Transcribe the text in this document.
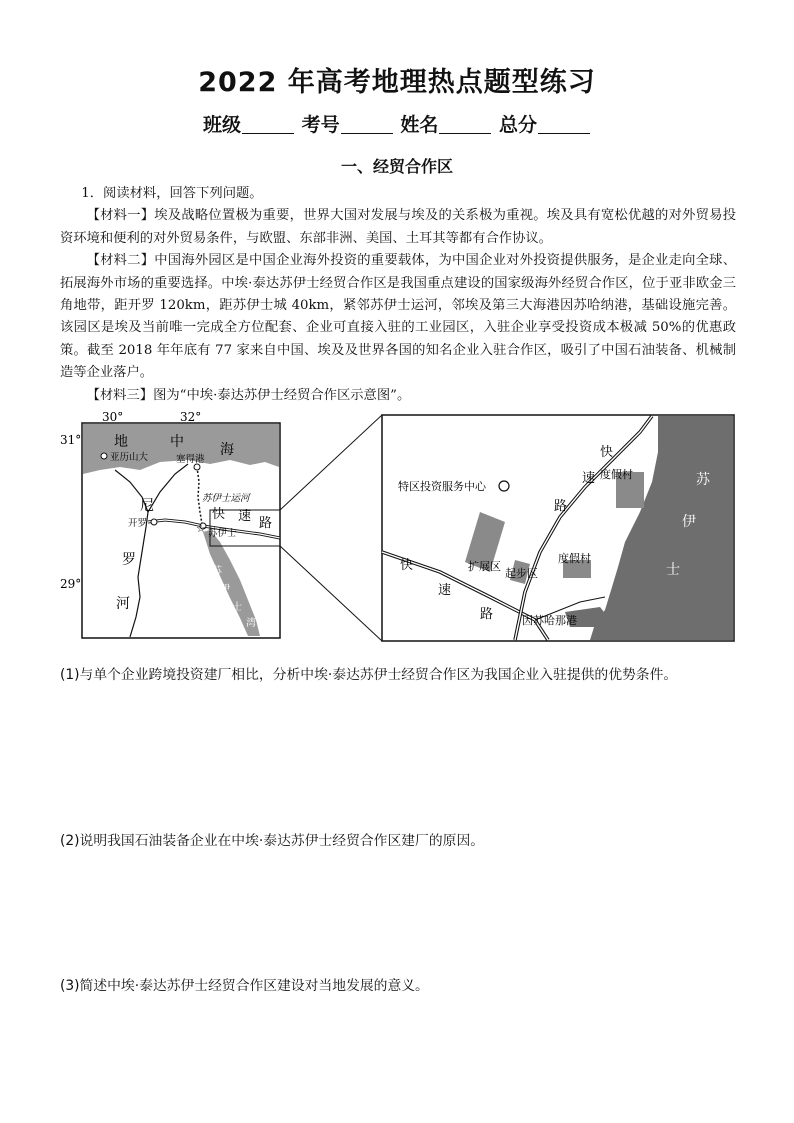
2022 年高考地理热点题型练习
班级	考号	姓名	总分
一、经贸合作区

1．阅读材料，回答下列问题。

【材料一】埃及战略位置极为重要，世界大国对发展与埃及的关系极为重视。埃及具有宽松优越的对外贸易投资环境和便利的对外贸易条件，与欧盟、东部非洲、美国、土耳其等都有合作协议。

【材料二】中国海外园区是中国企业海外投资的重要载体，为中国企业对外投资提供服务，是企业走向全球、拓展海外市场的重要选择。中埃·泰达苏伊士经贸合作区是我国重点建设的国家级海外经贸合作区，位于亚非欧金三角地带，距开罗 120km，距苏伊士城 40km，紧邻苏伊士运河，邻埃及第三大海港因苏哈纳港，基础设施完善。该园区是埃及当前唯一完成全方位配套、企业可直接入驻的工业园区，入驻企业享受投资成本极减 50%的优惠政策。截至 2018 年年底有 77 家来自中国、埃及及世界各国的知名企业入驻合作区，吸引了中国石油装备、机械制造等企业落户。

【材料三】图为“中埃·泰达苏伊士经贸合作区示意图”。

☆
30°	32°
31°
29°
地	中	海
尼
罗
河
苏
伊
士
湾
快 速 路
亚历山大	塞得港
苏伊士运河
开罗
苏伊士
特区投资服务中心
扩展区
起步区
度假村
度假村
因苏哈那港
快
速
路
快
速
路
苏
伊
士
(1)与单个企业跨境投资建厂相比，分析中埃·泰达苏伊士经贸合作区为我国企业入驻提供的优势条件。
(2)说明我国石油装备企业在中埃·泰达苏伊士经贸合作区建厂的原因。
(3)简述中埃·泰达苏伊士经贸合作区建设对当地发展的意义。
